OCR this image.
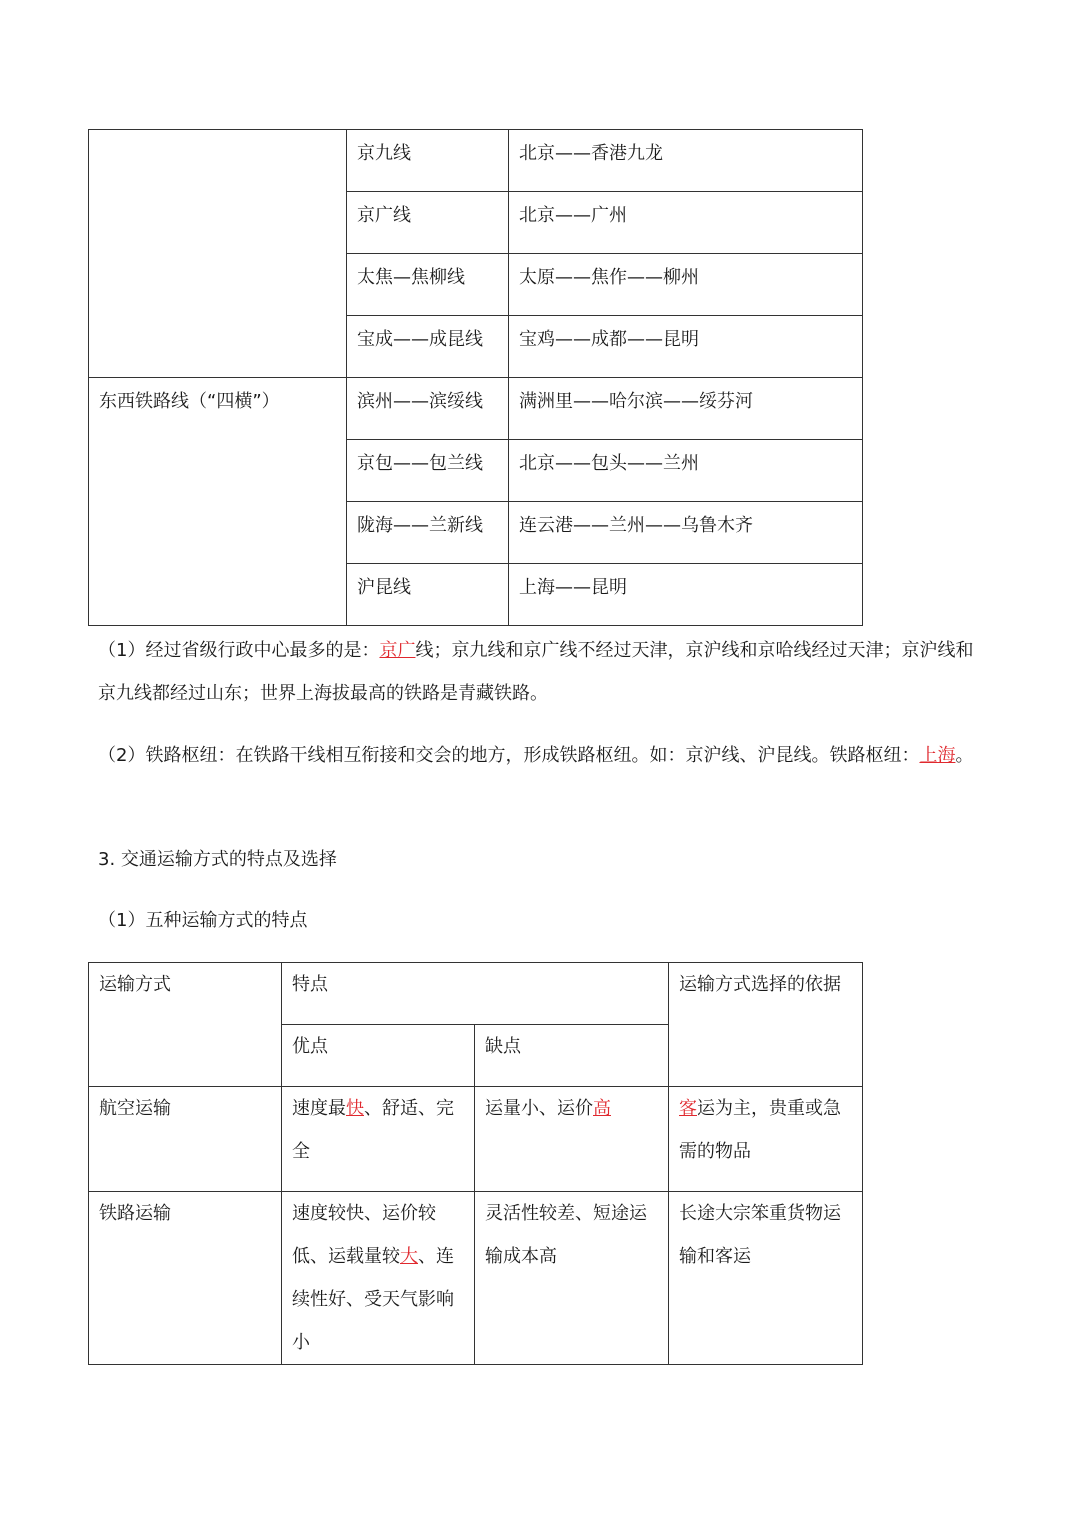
	京九线	北京——香港九龙
	京广线	北京——广州
	太焦—焦柳线	太原——焦作——柳州
	宝成——成昆线	宝鸡——成都——昆明
东西铁路线（“四横”）	滨州——滨绥线	满洲里——哈尔滨——绥芬河
	京包——包兰线	北京——包头——兰州
	陇海——兰新线	连云港——兰州——乌鲁木齐
	沪昆线	上海——昆明
（1）经过省级行政中心最多的是：京广线；京九线和京广线不经过天津，京沪线和京哈线经过天津；京沪线和京九线都经过山东；世界上海拔最高的铁路是青藏铁路。
（2）铁路枢纽：在铁路干线相互衔接和交会的地方，形成铁路枢纽。如：京沪线、沪昆线。铁路枢纽：上海。
3. 交通运输方式的特点及选择
（1）五种运输方式的特点
运输方式	特点		运输方式选择的依据
	优点	缺点	
航空运输	速度最快、舒适、完全	运量小、运价高	客运为主，贵重或急需的物品
铁路运输	速度较快、运价较低、运载量较大、连续性好、受天气影响小	灵活性较差、短途运输成本高	长途大宗笨重货物运输和客运
